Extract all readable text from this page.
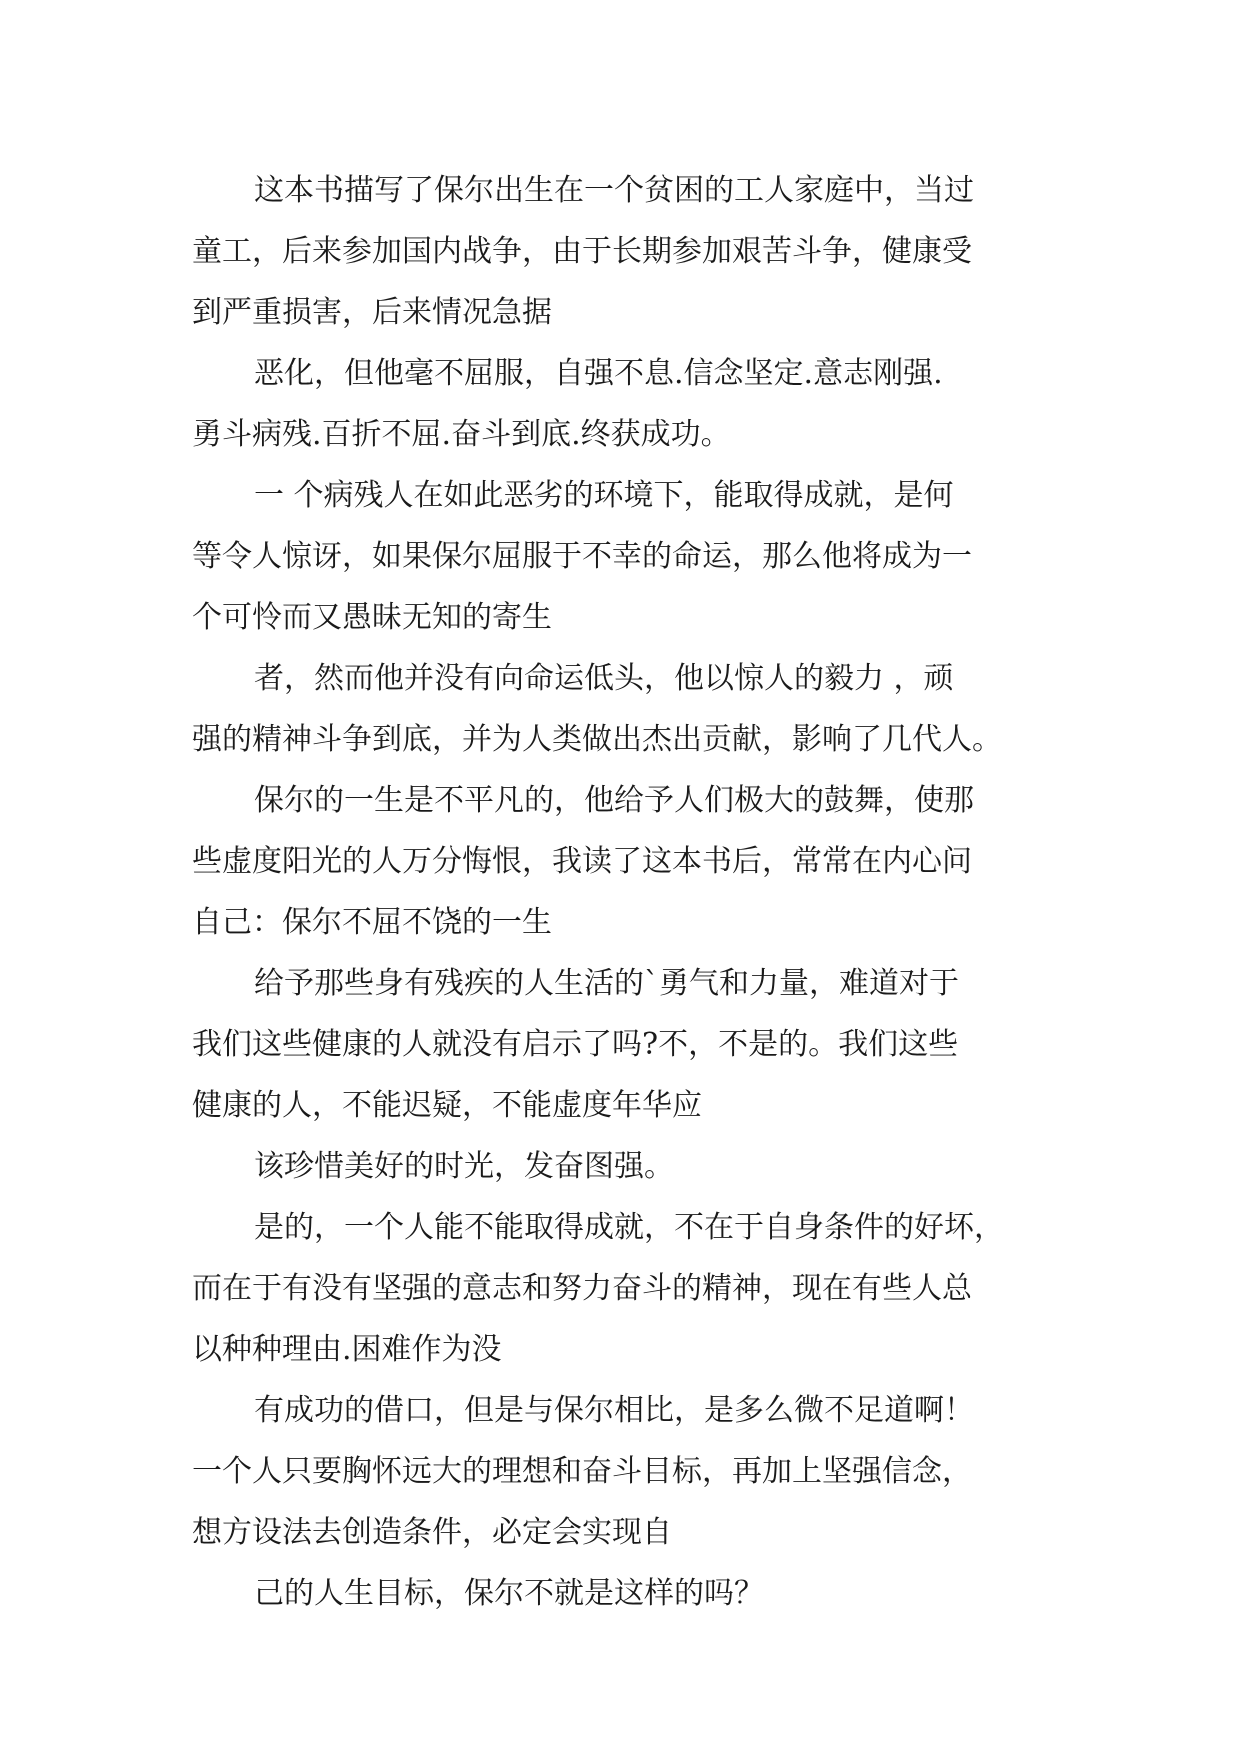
这本书描写了保尔出生在一个贫困的工人家庭中，当过
童工，后来参加国内战争，由于长期参加艰苦斗争，健康受
到严重损害，后来情况急据
恶化，但他毫不屈服，自强不息.信念坚定.意志刚强.
勇斗病残.百折不屈.奋斗到底.终获成功。
一 个病残人在如此恶劣的环境下，能取得成就，是何
等令人惊讶，如果保尔屈服于不幸的命运，那么他将成为一
个可怜而又愚昧无知的寄生
者，然而他并没有向命运低头，他以惊人的毅力 ，顽
强的精神斗争到底，并为人类做出杰出贡献，影响了几代人。
保尔的一生是不平凡的，他给予人们极大的鼓舞，使那
些虚度阳光的人万分悔恨，我读了这本书后，常常在内心问
自己：保尔不屈不饶的一生
给予那些身有残疾的人生活的`勇气和力量，难道对于
我们这些健康的人就没有启示了吗?不，不是的。我们这些
健康的人，不能迟疑，不能虚度年华应
该珍惜美好的时光，发奋图强。
是的，一个人能不能取得成就，不在于自身条件的好坏，
而在于有没有坚强的意志和努力奋斗的精神，现在有些人总
以种种理由.困难作为没
有成功的借口，但是与保尔相比，是多么微不足道啊！
一个人只要胸怀远大的理想和奋斗目标，再加上坚强信念，
想方设法去创造条件，必定会实现自
己的人生目标，保尔不就是这样的吗？
